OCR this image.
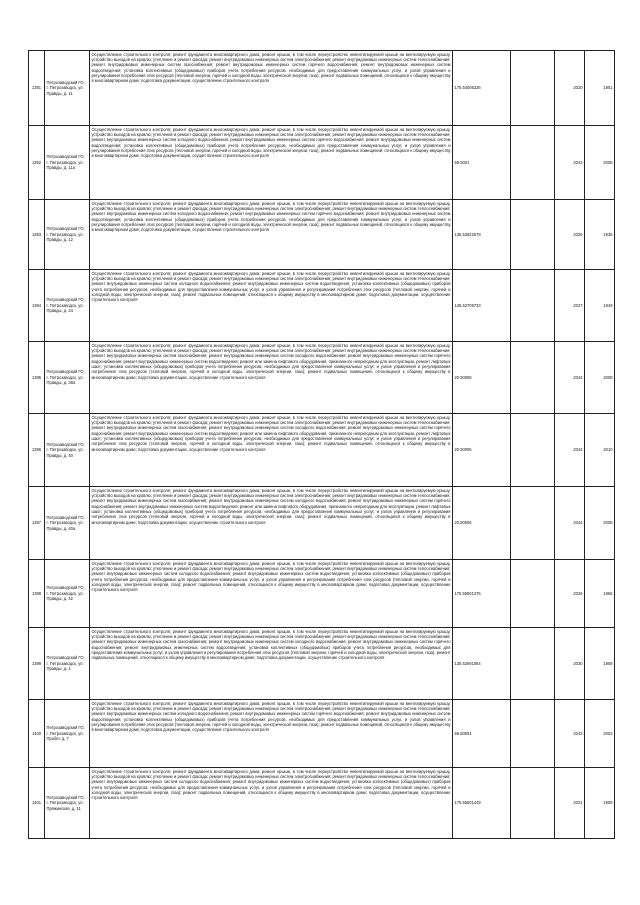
1391	Петрозаводский ГО, г. Петрозаводск, ул. Правды, д. 11	Осуществление строительного контроля; ремонт фундамента многоквартирного дома; ремонт крыши, в том числе переустройство невентилируемой крыши на вентилируемую крышу, устройство выходов на кровлю; утепление и ремонт фасада; ремонт внутридомовых инженерных систем электроснабжения; ремонт внутридомовых инженерных систем теплоснабжения; ремонт внутридомовых инженерных систем газоснабжения; ремонт внутридомовых инженерных систем горячего водоснабжения; ремонт внутридомовых инженерных систем водоотведения; установка коллективных (общедомовых) приборов учета потребления ресурсов, необходимых для предоставления коммунальных услуг, и узлов управления и регулирования потребления этих ресурсов (тепловой энергии, горячей и холодной воды, электрической энергии, газа); ремонт подвальных помещений, относящихся к общему имуществу в многоквартирном доме; подготовка документации, осуществление строительного контроля	175.54006326		2020	1951
1392	Петрозаводский ГО, г. Петрозаводск, ул. Правды, д. 11а	Осуществление строительного контроля; ремонт фундамента многоквартирного дома; ремонт крыши, в том числе переустройство невентилируемой крыши на вентилируемую крышу, устройство выходов на кровлю; утепление и ремонт фасада; ремонт внутридомовых инженерных систем электроснабжения; ремонт внутридомовых инженерных систем теплоснабжения; ремонт внутридомовых инженерных систем холодного водоснабжения; ремонт внутридомовых инженерных систем горячего водоснабжения; ремонт внутридомовых инженерных систем водоотведения; установка коллективных (общедомовых) приборов учета потребления ресурсов, необходимых для предоставления коммунальных услуг, и узлов управления и регулирования потребления этих ресурсов (тепловой энергии, горячей и холодной воды, электрической энергии, газа); ремонт подвальных помещений, относящихся к общему имуществу в многоквартирном доме; подготовка документации, осуществление строительного контроля	59.5001		2043	2008
1393	Петрозаводский ГО, г. Петрозаводск, ул. Правды, д. 12	Осуществление строительного контроля; ремонт фундамента многоквартирного дома; ремонт крыши, в том числе переустройство невентилируемой крыши на вентилируемую крышу, устройство выходов на кровлю; утепление и ремонт фасада; ремонт внутридомовых инженерных систем электроснабжения; ремонт внутридомовых инженерных систем теплоснабжения; ремонт внутридомовых инженерных систем холодного водоснабжения; ремонт внутридомовых инженерных систем горячего водоснабжения; ремонт внутридомовых инженерных систем водоотведения; установка коллективных (общедомовых) приборов учета потребления ресурсов, необходимых для предоставления коммунальных услуг, и узлов управления и регулирования потребления этих ресурсов (тепловой энергии, горячей и холодной воды, электрической энергии, газа); ремонт подвальных помещений, относящихся к общему имуществу в многоквартирном доме; подготовка документации, осуществление строительного контроля	135.53822578		2026	1936
1394	Петрозаводский ГО, г. Петрозаводск, ул. Правды, д. 34	Осуществление строительного контроля; ремонт фундамента многоквартирного дома; ремонт крыши, в том числе переустройство невентилируемой крыши на вентилируемую крышу, устройство выходов на кровлю; утепление и ремонт фасада; ремонт внутридомовых инженерных систем электроснабжения; ремонт внутридомовых инженерных систем теплоснабжения; ремонт внутридомовых инженерных систем холодного водоснабжения; ремонт внутридомовых инженерных систем водоотведения; установка коллективных (общедомовых) приборов учета потребления ресурсов, необходимых для предоставления коммунальных услуг, и узлов управления и регулирования потребления этих ресурсов (тепловой энергии, горячей и холодной воды, электрической энергии, газа); ремонт подвальных помещений, относящихся к общему имуществу в многоквартирном доме; подготовка документации, осуществление строительного контроля	135.52709733		2027	1949
1395	Петрозаводский ГО, г. Петрозаводск, ул. Правды, д. 38а	Осуществление строительного контроля; ремонт фундамента многоквартирного дома; ремонт крыши, в том числе переустройство невентилируемой крыши на вентилируемую крышу, устройство выходов на кровлю; утепление и ремонт фасада; ремонт внутридомовых инженерных систем электроснабжения; ремонт внутридомовых инженерных систем теплоснабжения; ремонт внутридомовых инженерных систем газоснабжения; ремонт внутридомовых инженерных систем холодного водоснабжения; ремонт внутридомовых инженерных систем горячего водоснабжения; ремонт внутридомовых инженерных систем водоотведения; ремонт или замена лифтового оборудования, признанного непригодным для эксплуатации, ремонт лифтовых шахт; установка коллективных (общедомовых) приборов учета потребления ресурсов, необходимых для предоставления коммунальных услуг, и узлов управления и регулирования потребления этих ресурсов (тепловой энергии, горячей и холодной воды, электрической энергии, газа); ремонт подвальных помещений, относящихся к общему имуществу в многоквартирном доме; подготовка документации, осуществление строительного контроля	20.50008		2044	2008
1396	Петрозаводский ГО, г. Петрозаводск, ул. Правды, д. 40	Осуществление строительного контроля; ремонт фундамента многоквартирного дома; ремонт крыши, в том числе переустройство невентилируемой крыши на вентилируемую крышу, устройство выходов на кровлю; утепление и ремонт фасада; ремонт внутридомовых инженерных систем электроснабжения; ремонт внутридомовых инженерных систем теплоснабжения; ремонт внутридомовых инженерных систем газоснабжения; ремонт внутридомовых инженерных систем холодного водоснабжения; ремонт внутридомовых инженерных систем горячего водоснабжения; ремонт внутридомовых инженерных систем водоотведения; ремонт или замена лифтового оборудования, признанного непригодным для эксплуатации, ремонт лифтовых шахт; установка коллективных (общедомовых) приборов учета потребления ресурсов, необходимых для предоставления коммунальных услуг, и узлов управления и регулирования потребления этих ресурсов (тепловой энергии, горячей и холодной воды, электрической энергии, газа); ремонт подвальных помещений, относящихся к общему имуществу в многоквартирном доме; подготовка документации, осуществление строительного контроля	20.50006		2044	2010
1397	Петрозаводский ГО, г. Петрозаводск, ул. Правды, д. 40а	Осуществление строительного контроля; ремонт фундамента многоквартирного дома; ремонт крыши, в том числе переустройство невентилируемой крыши на вентилируемую крышу, устройство выходов на кровлю; утепление и ремонт фасада; ремонт внутридомовых инженерных систем электроснабжения; ремонт внутридомовых инженерных систем теплоснабжения; ремонт внутридомовых инженерных систем газоснабжения; ремонт внутридомовых инженерных систем холодного водоснабжения; ремонт внутридомовых инженерных систем горячего водоснабжения; ремонт внутридомовых инженерных систем водоотведения; ремонт или замена лифтового оборудования, признанного непригодным для эксплуатации, ремонт лифтовых шахт; установка коллективных (общедомовых) приборов учета потребления ресурсов, необходимых для предоставления коммунальных услуг, и узлов управления и регулирования потребления этих ресурсов (тепловой энергии, горячей и холодной воды, электрической энергии, газа); ремонт подвальных помещений, относящихся к общему имуществу в многоквартирном доме; подготовка документации, осуществление строительного контроля	20.50006		2044	2008
1398	Петрозаводский ГО, г. Петрозаводск, ул. Правды, д. 42	Осуществление строительного контроля; ремонт фундамента многоквартирного дома; ремонт крыши, в том числе переустройство невентилируемой крыши на вентилируемую крышу, устройство выходов на кровлю; утепление и ремонт фасада; ремонт внутридомовых инженерных систем электроснабжения; ремонт внутридомовых инженерных систем теплоснабжения; ремонт внутридомовых инженерных систем холодного водоснабжения; ремонт внутридомовых инженерных систем водоотведения; установка коллективных (общедомовых) приборов учета потребления ресурсов, необходимых для предоставления коммунальных услуг, и узлов управления и регулирования потребления этих ресурсов (тепловой энергии, горячей и холодной воды, электрической энергии, газа); ремонт подвальных помещений, относящихся к общему имуществу в многоквартирном доме; подготовка документации, осуществление строительного контроля	175.55501275		2026	1956
1399	Петрозаводский ГО, г. Петрозаводск, ул. Правды, д. 4	Осуществление строительного контроля; ремонт фундамента многоквартирного дома; ремонт крыши, в том числе переустройство невентилируемой крыши на вентилируемую крышу, устройство выходов на кровлю; утепление и ремонт фасада; ремонт внутридомовых инженерных систем электроснабжения; ремонт внутридомовых инженерных систем теплоснабжения; ремонт внутридомовых инженерных систем газоснабжения; ремонт внутридомовых инженерных систем холодного водоснабжения; ремонт внутридомовых инженерных систем горячего водоснабжения; ремонт внутридомовых инженерных систем водоотведения; установка коллективных (общедомовых) приборов учета потребления ресурсов, необходимых для предоставления коммунальных услуг, и узлов управления и регулирования потребления этих ресурсов (тепловой энергии, горячей и холодной воды, электрической энергии, газа); ремонт подвальных помещений, относящихся к общему имуществу в многоквартирном доме; подготовка документации, осуществление строительного контроля	135.52691064		2030	1959
1400	Петрозаводский ГО, г. Петрозаводск, ул. Пробег, д. 7	Осуществление строительного контроля; ремонт фундамента многоквартирного дома; ремонт крыши, в том числе переустройство невентилируемой крыши на вентилируемую крышу, устройство выходов на кровлю; утепление и ремонт фасада; ремонт внутридомовых инженерных систем электроснабжения; ремонт внутридомовых инженерных систем теплоснабжения; ремонт внутридомовых инженерных систем холодного водоснабжения; ремонт внутридомовых инженерных систем горячего водоснабжения; ремонт внутридомовых инженерных систем водоотведения; установка коллективных (общедомовых) приборов учета потребления ресурсов, необходимых для предоставления коммунальных услуг, и узлов управления и регулирования потребления этих ресурсов (тепловой энергии, горячей и холодной воды, электрической энергии, газа); ремонт подвальных помещений, относящихся к общему имуществу в многоквартирном доме; подготовка документации, осуществление строительного контроля	59.50004		2043	2002
1401	Петрозаводский ГО, г. Петрозаводск, ул. Пряжинская, д. 11	Осуществление строительного контроля; ремонт фундамента многоквартирного дома; ремонт крыши, в том числе переустройство невентилируемой крыши на вентилируемую крышу, устройство выходов на кровлю; утепление и ремонт фасада; ремонт внутридомовых инженерных систем электроснабжения; ремонт внутридомовых инженерных систем теплоснабжения; ремонт внутридомовых инженерных систем холодного водоснабжения; ремонт внутридомовых инженерных систем водоотведения; установка коллективных (общедомовых) приборов учета потребления ресурсов, необходимых для предоставления коммунальных услуг, и узлов управления и регулирования потребления этих ресурсов (тепловой энергии, горячей и холодной воды, электрической энергии, газа); ремонт подвальных помещений, относящихся к общему имуществу в многоквартирном доме; подготовка документации, осуществление строительного контроля	175.55501449		2021	1959
